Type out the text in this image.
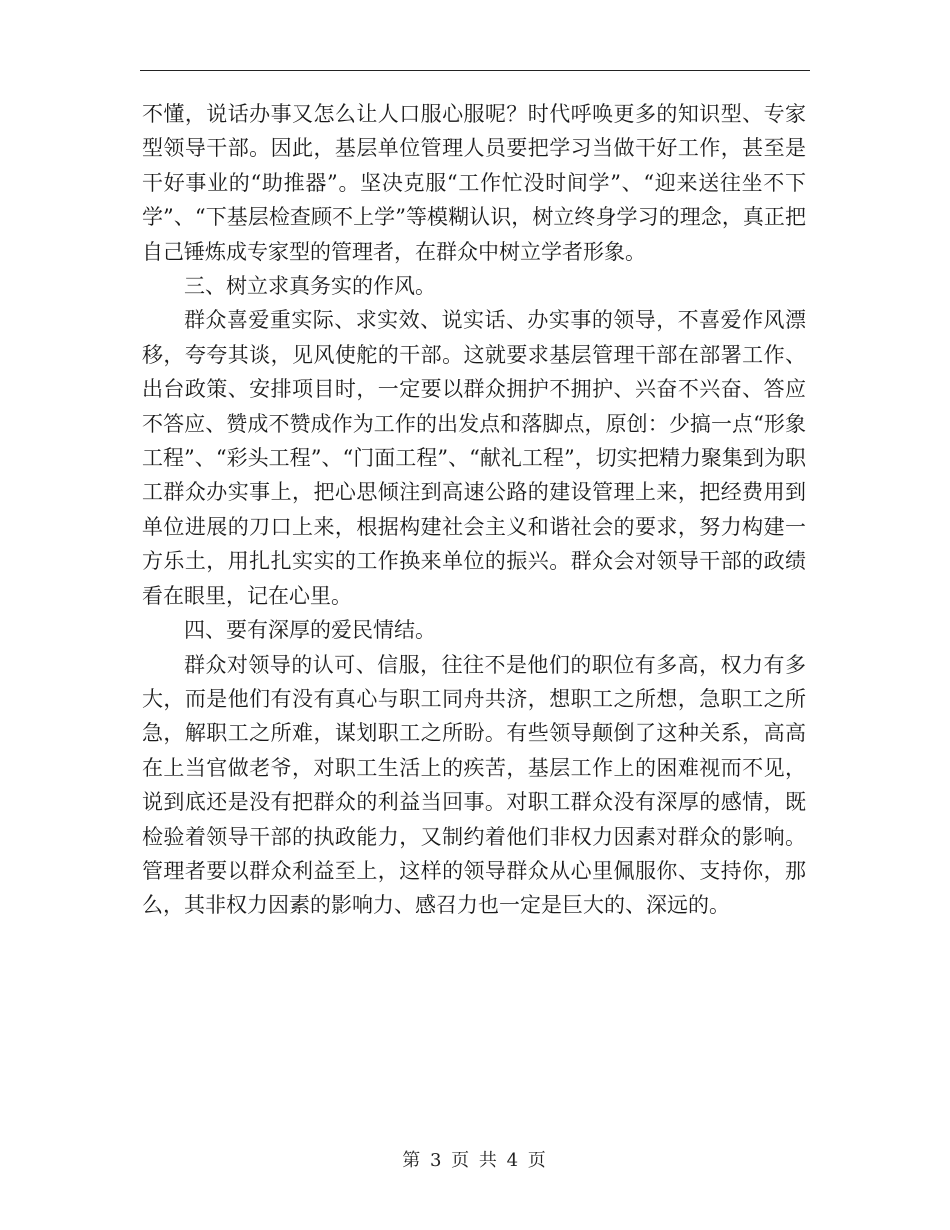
不懂，说话办事又怎么让人口服心服呢？时代呼唤更多的知识型、专家型领导干部。因此，基层单位管理人员要把学习当做干好工作，甚至是干好事业的“助推器”。坚决克服“工作忙没时间学”、“迎来送往坐不下学”、“下基层检查顾不上学”等模糊认识，树立终身学习的理念，真正把自己锤炼成专家型的管理者，在群众中树立学者形象。

三、树立求真务实的作风。

群众喜爱重实际、求实效、说实话、办实事的领导，不喜爱作风漂移，夸夸其谈，见风使舵的干部。这就要求基层管理干部在部署工作、出台政策、安排项目时，一定要以群众拥护不拥护、兴奋不兴奋、答应不答应、赞成不赞成作为工作的出发点和落脚点，原创：少搞一点“形象工程”、“彩头工程”、“门面工程”、“献礼工程”，切实把精力聚集到为职工群众办实事上，把心思倾注到高速公路的建设管理上来，把经费用到单位进展的刀口上来，根据构建社会主义和谐社会的要求，努力构建一方乐土，用扎扎实实的工作换来单位的振兴。群众会对领导干部的政绩看在眼里，记在心里。

四、要有深厚的爱民情结。

群众对领导的认可、信服，往往不是他们的职位有多高，权力有多大，而是他们有没有真心与职工同舟共济，想职工之所想，急职工之所急，解职工之所难，谋划职工之所盼。有些领导颠倒了这种关系，高高在上当官做老爷，对职工生活上的疾苦，基层工作上的困难视而不见，说到底还是没有把群众的利益当回事。对职工群众没有深厚的感情，既检验着领导干部的执政能力，又制约着他们非权力因素对群众的影响。管理者要以群众利益至上，这样的领导群众从心里佩服你、支持你，那么，其非权力因素的影响力、感召力也一定是巨大的、深远的。

第 3 页 共 4 页
